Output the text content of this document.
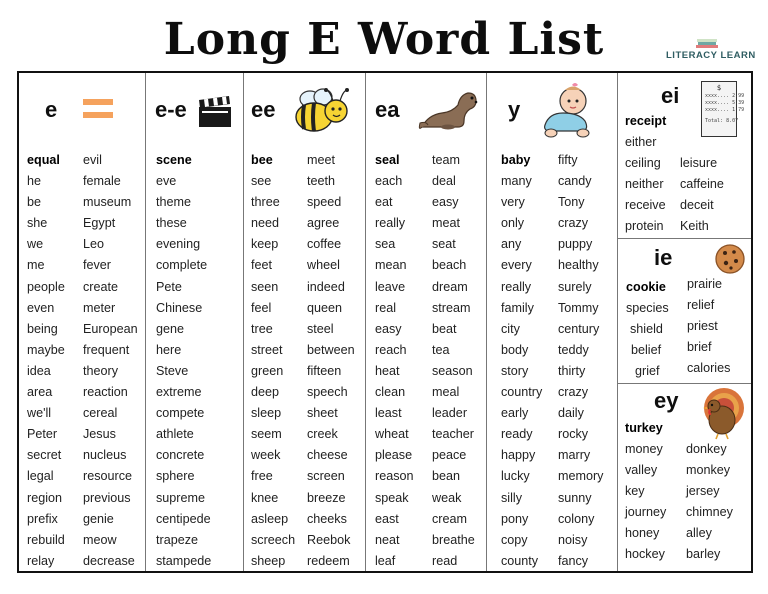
Long E Word List	LITERACY LEARN
e
equal
he
be
she
we
me
people
even
being
maybe
idea
area
we'll
Peter
secret
legal
region
prefix
rebuild
relay
evil
female
museum
Egypt
Leo
fever
create
meter
European
frequent
theory
reaction
cereal
Jesus
nucleus
resource
previous
genie
meow
decrease
e-e
scene
eve
theme
these
evening
complete
Pete
Chinese
gene
here
Steve
extreme
compete
athlete
concrete
sphere
supreme
centipede
trapeze
stampede
ee
bee
see
three
need
keep
feet
seen
feel
tree
street
green
deep
sleep
seem
week
free
knee
asleep
screech
sheep
meet
teeth
speed
agree
coffee
wheel
indeed
queen
steel
between
fifteen
speech
sheet
creek
cheese
screen
breeze
cheeks
Reebok
redeem
ea
seal
each
eat
really
sea
mean
leave
real
easy
reach
heat
clean
least
wheat
please
reason
speak
east
neat
leaf
team
deal
easy
meat
seat
beach
dream
stream
beat
tea
season
meal
leader
teacher
peace
bean
weak
cream
breathe
read
y
baby
many
very
only
any
every
really
family
city
body
story
country
early
ready
happy
lucky
silly
pony
copy
county
fifty
candy
Tony
crazy
puppy
healthy
surely
Tommy
century
teddy
thirty
crazy
daily
rocky
marry
memory
sunny
colony
noisy
fancy
ei	$
xxxx.... 2.99
xxxx.... 5.39
xxxx.... 1.79
Total: 8.07
receipt
either
ceiling
neither
receive
protein
leisure
caffeine
deceit
Keith
ie
cookie
species
shield
belief
grief
prairie
relief
priest
brief
calories
ey
turkey
money
valley
key
journey
honey
hockey
donkey
monkey
jersey
chimney
alley
barley
